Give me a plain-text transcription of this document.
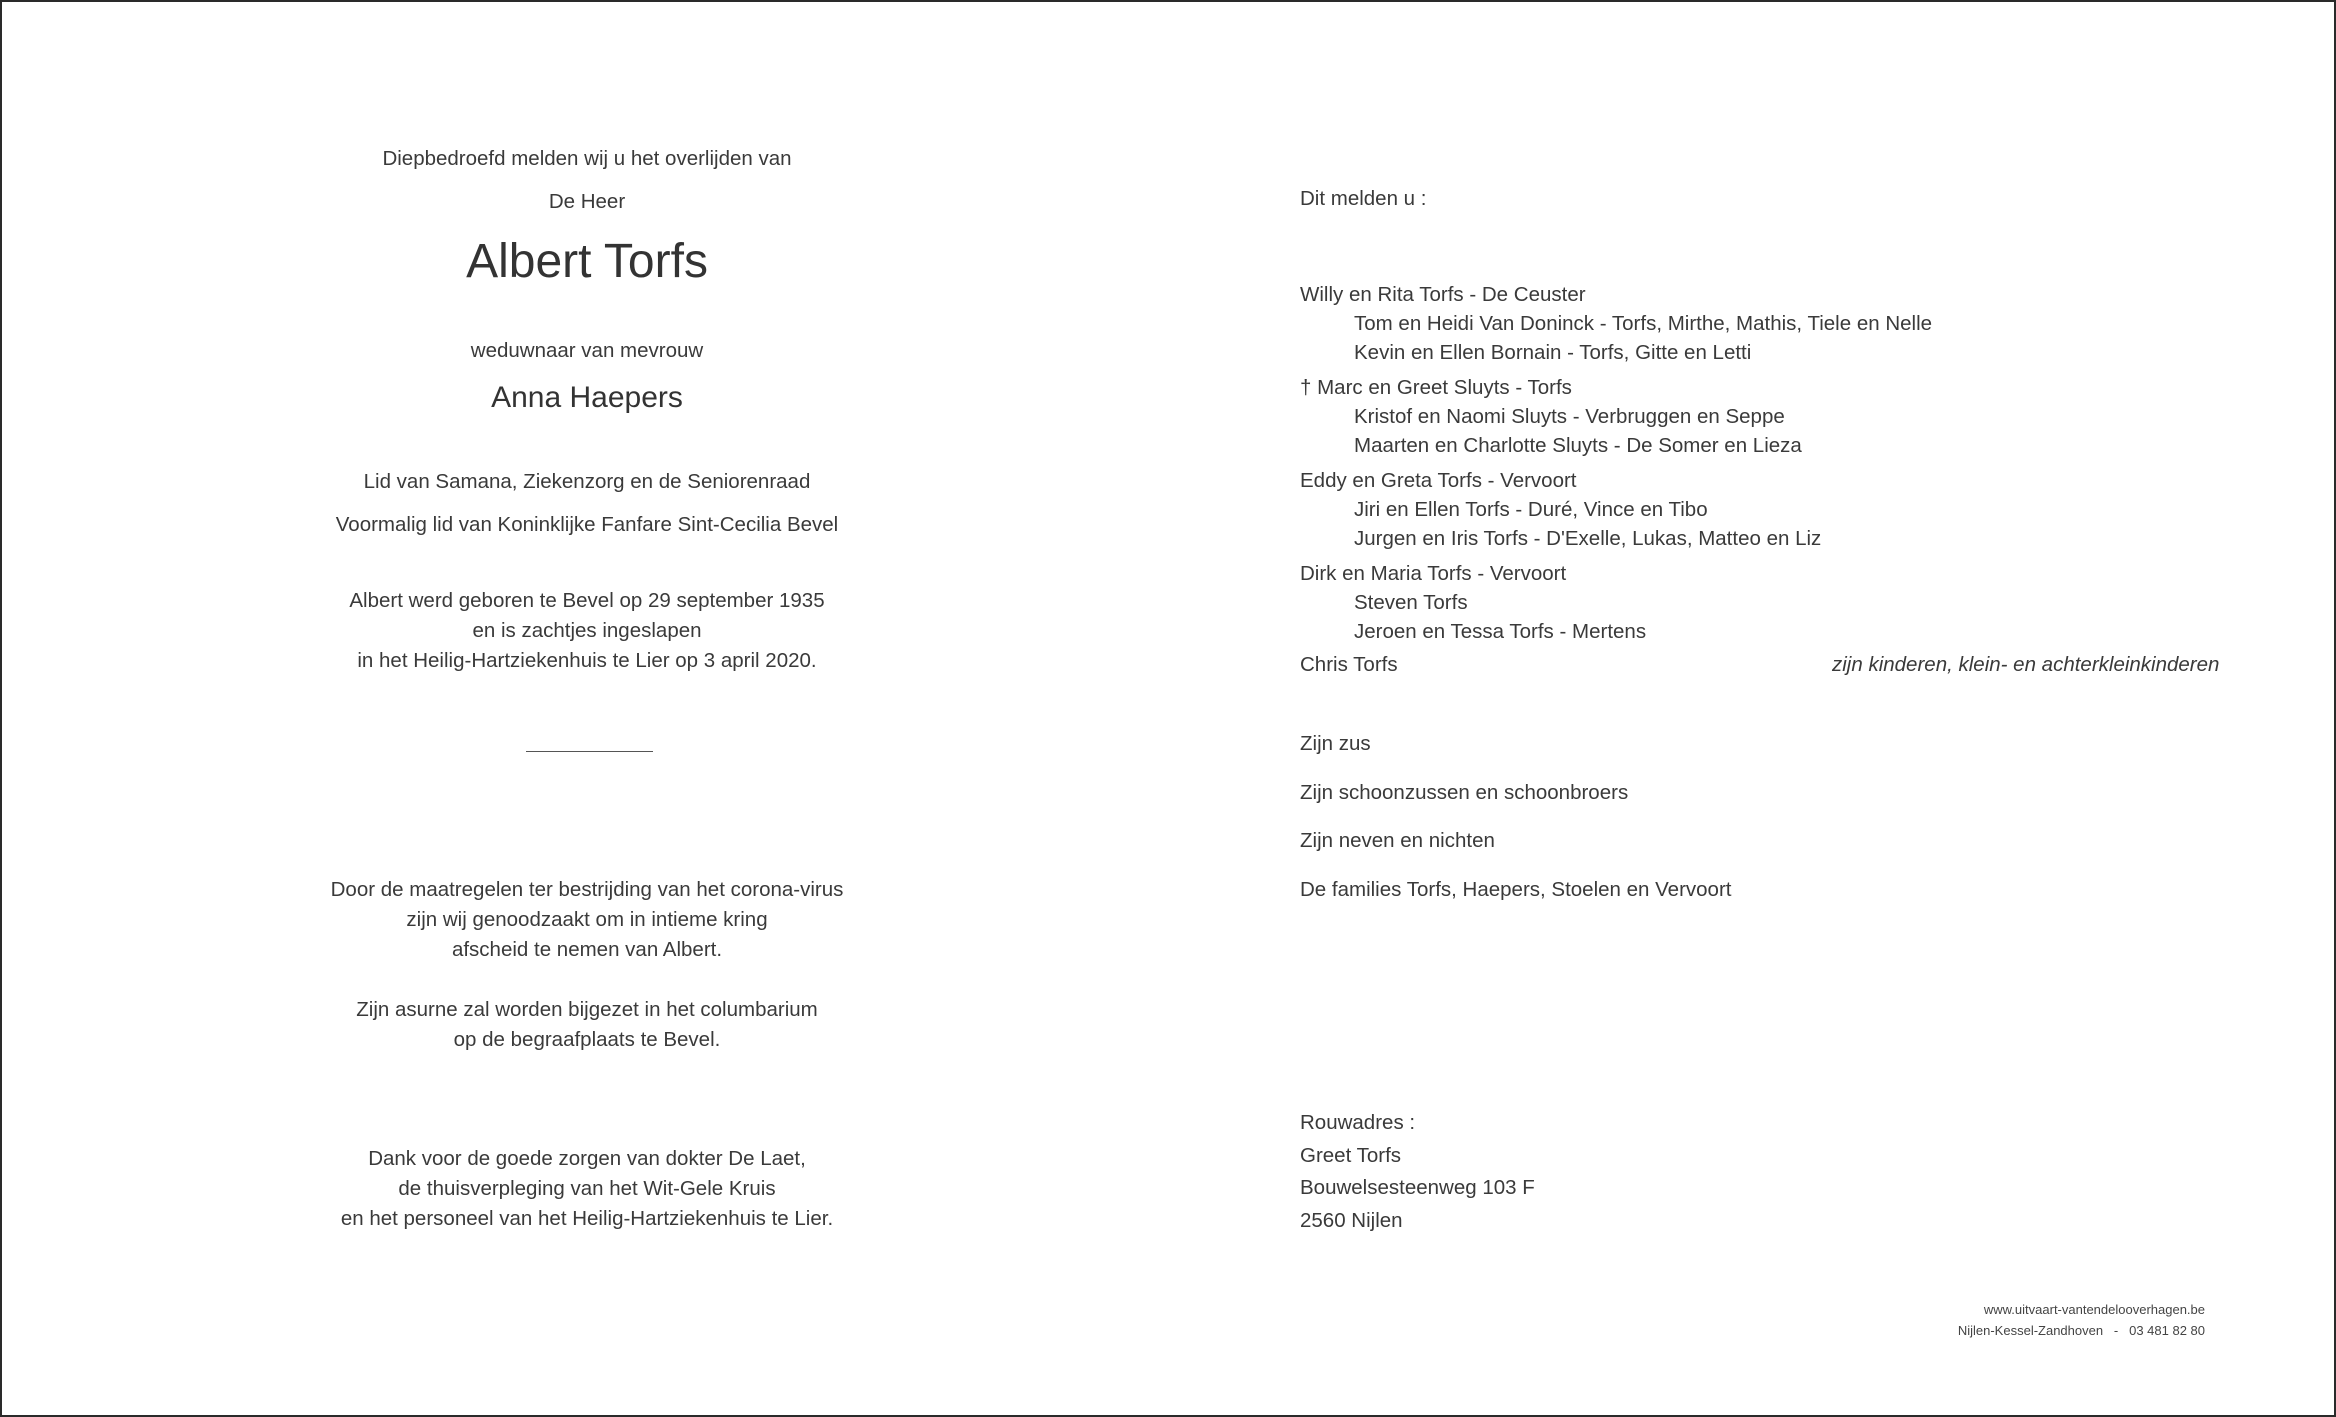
Diepbedroefd melden wij u het overlijden van
De Heer
Albert Torfs
weduwnaar van mevrouw
Anna Haepers
Lid van Samana, Ziekenzorg en de Seniorenraad
Voormalig lid van Koninklijke Fanfare Sint-Cecilia Bevel
Albert werd geboren te Bevel op 29 september 1935
en is zachtjes ingeslapen
in het Heilig-Hartziekenhuis te Lier op 3 april 2020.
Door de maatregelen ter bestrijding van het corona-virus
zijn wij genoodzaakt om in intieme kring
afscheid te nemen van Albert.
Zijn asurne zal worden bijgezet in het columbarium
op de begraafplaats te Bevel.
Dank voor de goede zorgen van dokter De Laet,
de thuisverpleging van het Wit-Gele Kruis
en het personeel van het Heilig-Hartziekenhuis te Lier.
Dit melden u :
Willy en Rita Torfs - De Ceuster
Tom en Heidi Van Doninck - Torfs, Mirthe, Mathis, Tiele en Nelle
Kevin en Ellen Bornain - Torfs, Gitte en Letti
† Marc en Greet Sluyts - Torfs
Kristof en Naomi Sluyts - Verbruggen en Seppe
Maarten en Charlotte Sluyts - De Somer en Lieza
Eddy en Greta Torfs - Vervoort
Jiri en Ellen Torfs - Duré, Vince en Tibo
Jurgen en Iris Torfs - D'Exelle, Lukas, Matteo en Liz
Dirk en Maria Torfs - Vervoort
Steven Torfs
Jeroen en Tessa Torfs - Mertens
Chris Torfs	zijn kinderen, klein- en achterkleinkinderen
Zijn zus
Zijn schoonzussen en schoonbroers
Zijn neven en nichten
De families Torfs, Haepers, Stoelen en Vervoort
Rouwadres :
Greet Torfs
Bouwelsesteenweg 103 F
2560 Nijlen
www.uitvaart-vantendelooverhagen.be
Nijlen-Kessel-Zandhoven   -   03 481 82 80
